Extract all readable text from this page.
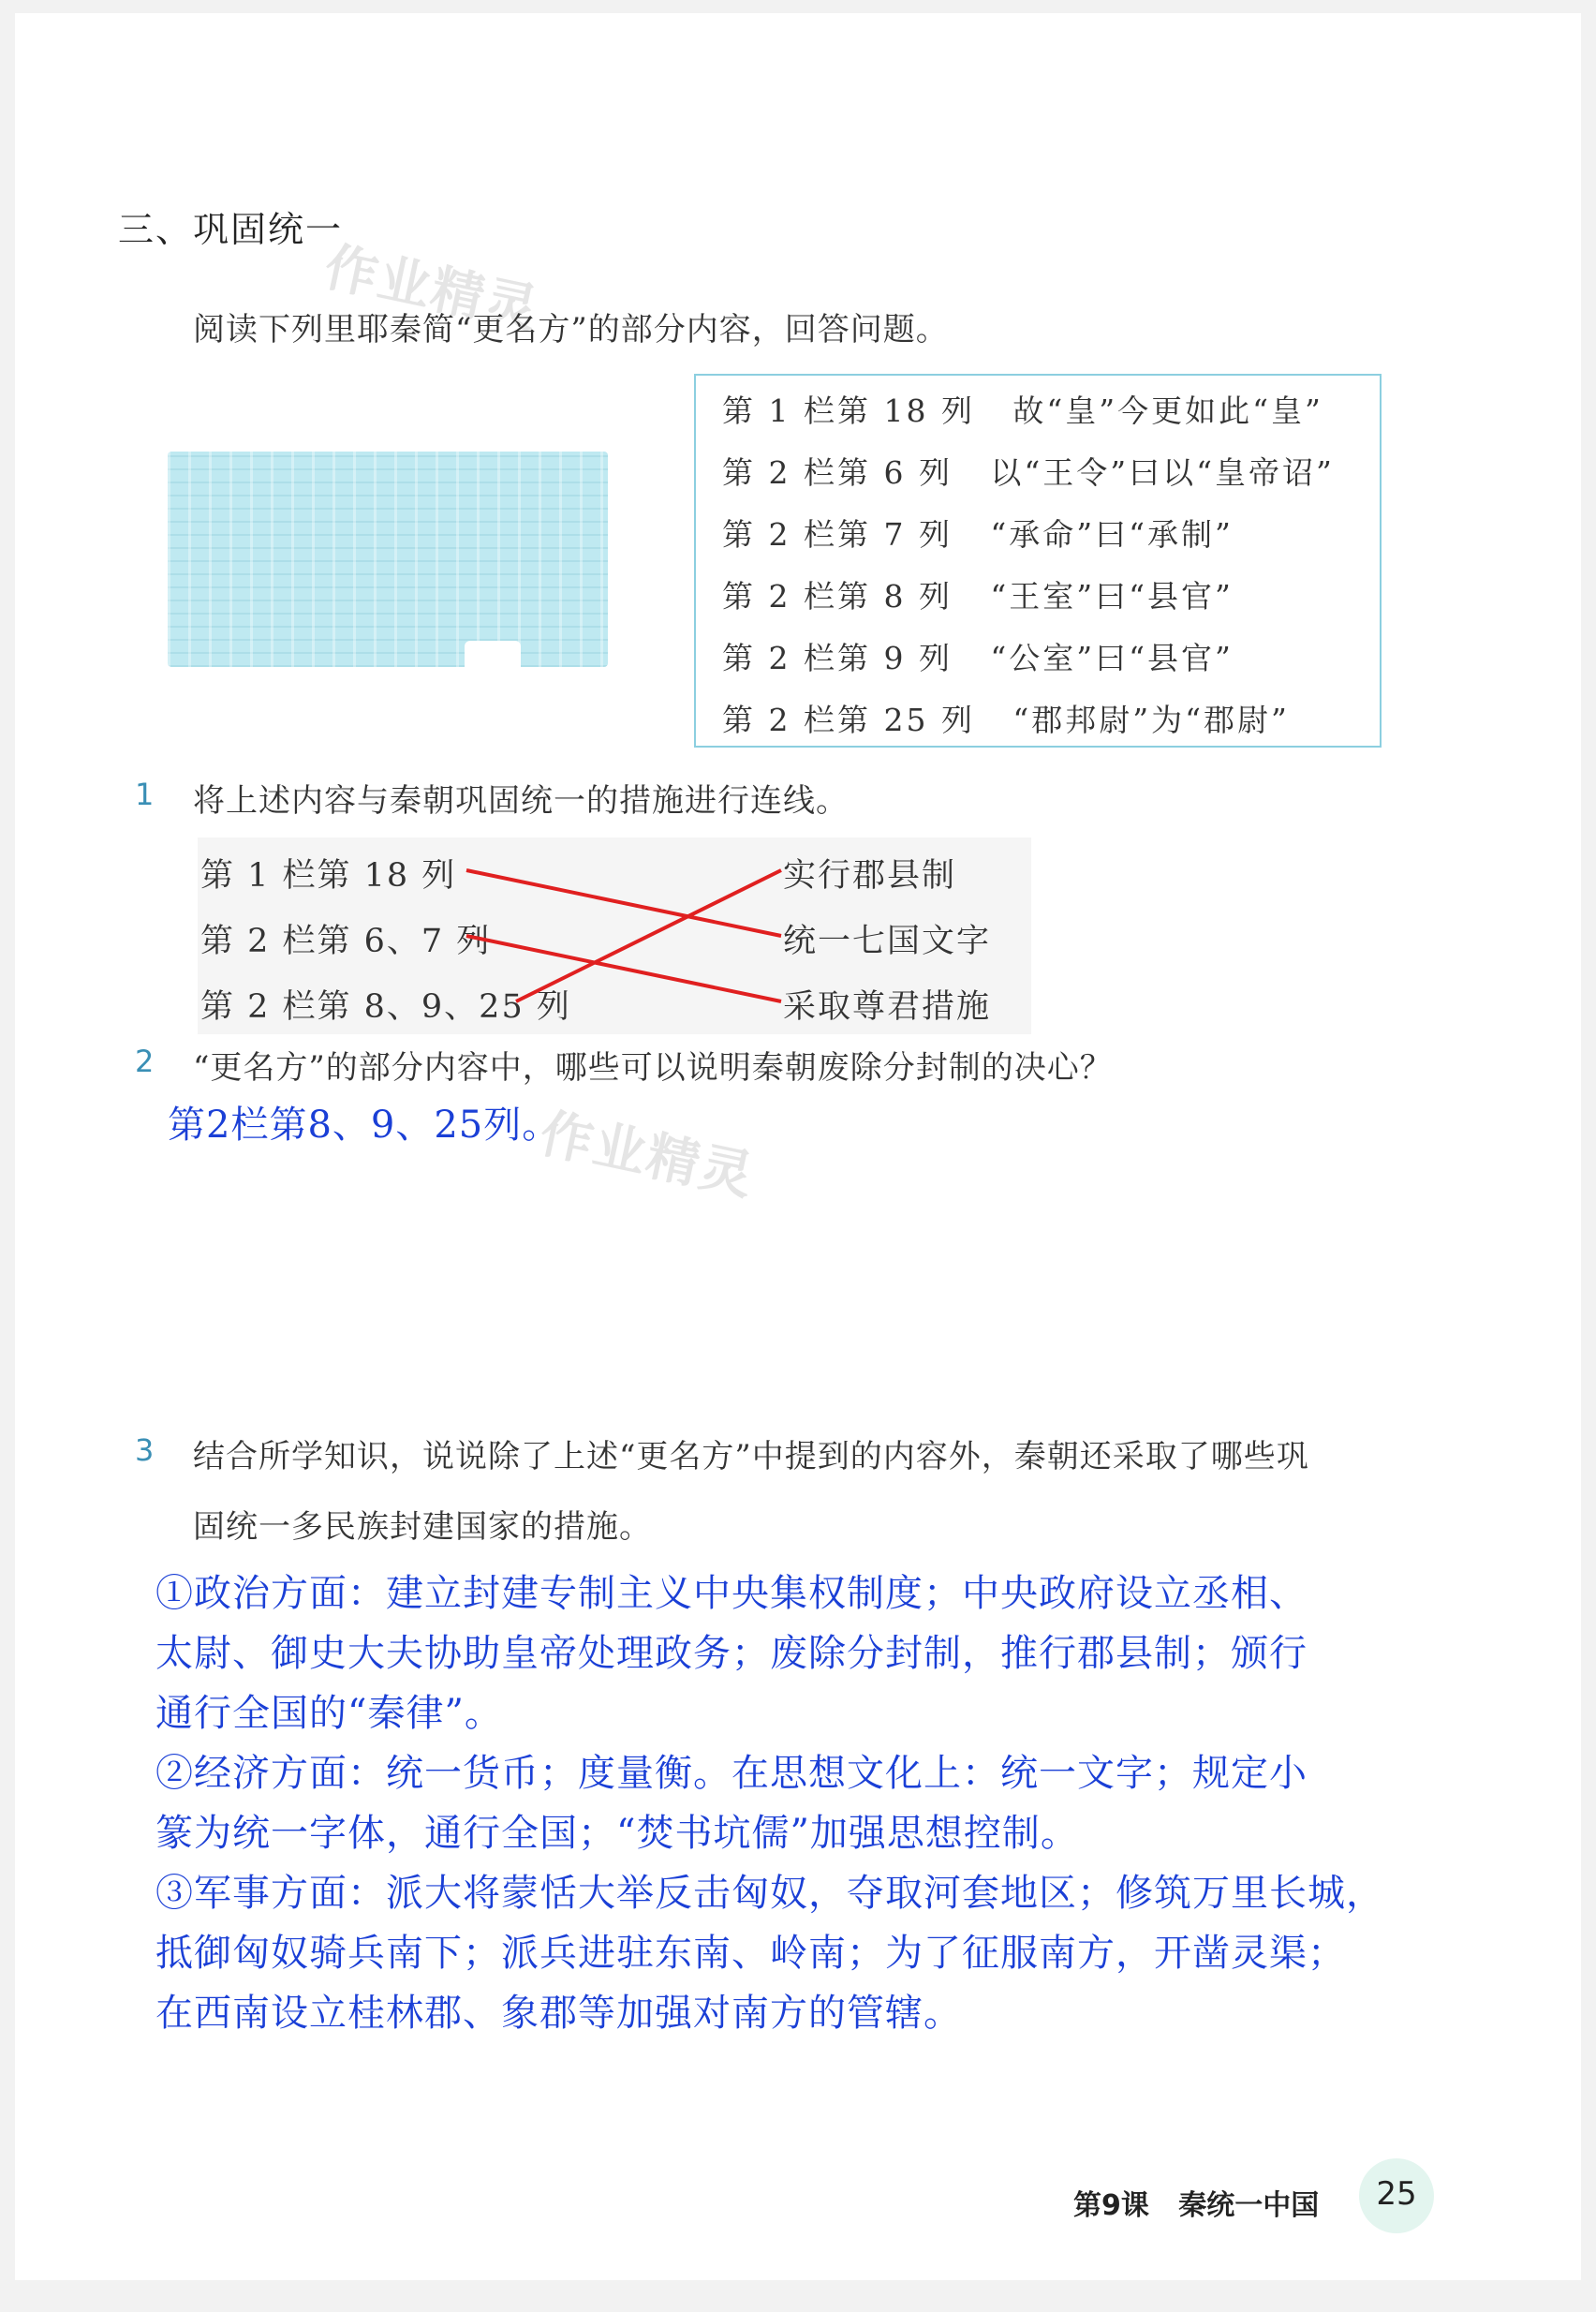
三、巩固统一
作业精灵
阅读下列里耶秦简“更名方”的部分内容，回答问题。
第 1 栏第 18 列   故“皇”今更如此“皇”
第 2 栏第 6 列   以“王令”曰以“皇帝诏”
第 2 栏第 7 列   “承命”曰“承制”
第 2 栏第 8 列   “王室”曰“县官”
第 2 栏第 9 列   “公室”曰“县官”
第 2 栏第 25 列   “郡邦尉”为“郡尉”
1 将上述内容与秦朝巩固统一的措施进行连线。
第 1 栏第 18 列
第 2 栏第 6、7 列
第 2 栏第 8、9、25 列
实行郡县制
统一七国文字
采取尊君措施
2 “更名方”的部分内容中，哪些可以说明秦朝废除分封制的决心？
第2栏第8、9、25列。
作业精灵
3 结合所学知识，说说除了上述“更名方”中提到的内容外，秦朝还采取了哪些巩
固统一多民族封建国家的措施。
①政治方面：建立封建专制主义中央集权制度；中央政府设立丞相、
太尉、御史大夫协助皇帝处理政务；废除分封制，推行郡县制；颁行
通行全国的“秦律”。
②经济方面：统一货币；度量衡。在思想文化上：统一文字；规定小
篆为统一字体，通行全国；“焚书坑儒”加强思想控制。
③军事方面：派大将蒙恬大举反击匈奴，夺取河套地区；修筑万里长城，
抵御匈奴骑兵南下；派兵进驻东南、岭南；为了征服南方，开凿灵渠；
在西南设立桂林郡、象郡等加强对南方的管辖。
第9课   秦统一中国	25
